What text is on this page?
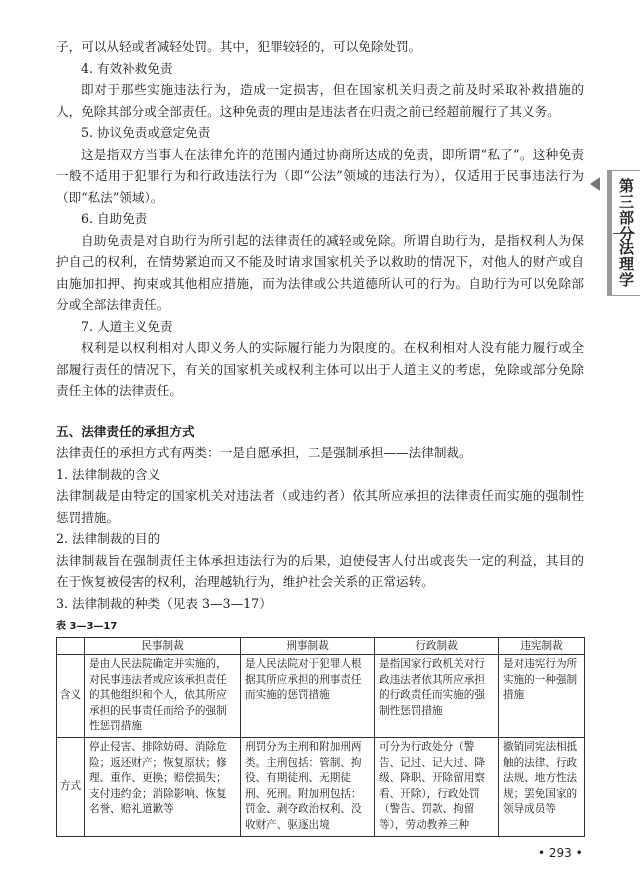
子，可以从轻或者减轻处罚。其中，犯罪较轻的，可以免除处罚。

4. 有效补救免责

即对于那些实施违法行为，造成一定损害，但在国家机关归责之前及时采取补救措施的人，免除其部分或全部责任。这种免责的理由是违法者在归责之前已经超前履行了其义务。

5. 协议免责或意定免责

这是指双方当事人在法律允许的范围内通过协商所达成的免责，即所谓“私了”。这种免责一般不适用于犯罪行为和行政违法行为（即“公法”领域的违法行为），仅适用于民事违法行为（即“私法”领域）。

6. 自助免责

自助免责是对自助行为所引起的法律责任的减轻或免除。所谓自助行为，是指权利人为保护自己的权利，在情势紧迫而又不能及时请求国家机关予以救助的情况下，对他人的财产或自由施加扣押、拘束或其他相应措施，而为法律或公共道德所认可的行为。自助行为可以免除部分或全部法律责任。

7. 人道主义免责

权利是以权利相对人即义务人的实际履行能力为限度的。在权利相对人没有能力履行或全部履行责任的情况下，有关的国家机关或权利主体可以出于人道主义的考虑，免除或部分免除责任主体的法律责任。

五、法律责任的承担方式

法律责任的承担方式有两类：一是自愿承担，二是强制承担——法律制裁。

1. 法律制裁的含义

法律制裁是由特定的国家机关对违法者（或违约者）依其所应承担的法律责任而实施的强制性惩罚措施。

2. 法律制裁的目的

法律制裁旨在强制责任主体承担违法行为的后果，迫使侵害人付出或丧失一定的利益，其目的在于恢复被侵害的权利，治理越轨行为，维护社会关系的正常运转。

3. 法律制裁的种类（见表 3—3—17）

表 3—3—17
	民事制裁	刑事制裁	行政制裁	违宪制裁
含义	是由人民法院确定并实施的，对民事违法者或应该承担责任的其他组织和个人，依其所应承担的民事责任而给予的强制性惩罚措施	是人民法院对于犯罪人根据其所应承担的刑事责任而实施的惩罚措施	是指国家行政机关对行政违法者依其所应承担的行政责任而实施的强制性惩罚措施	是对违宪行为所实施的一种强制措施
方式	停止侵害、排除妨碍、消除危险；返还财产；恢复原状；修理、重作、更换；赔偿损失；支付违约金；消除影响、恢复名誉、赔礼道歉等	刑罚分为主刑和附加刑两类。主刑包括：管制、拘役、有期徒刑、无期徒刑、死刑。附加刑包括：罚金、剥夺政治权利、没收财产、驱逐出境	可分为行政处分（警告、记过、记大过、降级、降职、开除留用察看、开除），行政处罚（警告、罚款、拘留等），劳动教养三种	撤销同宪法相抵触的法律、行政法规、地方性法规；罢免国家的领导成员等
第三部分
法理学
• 293 •
